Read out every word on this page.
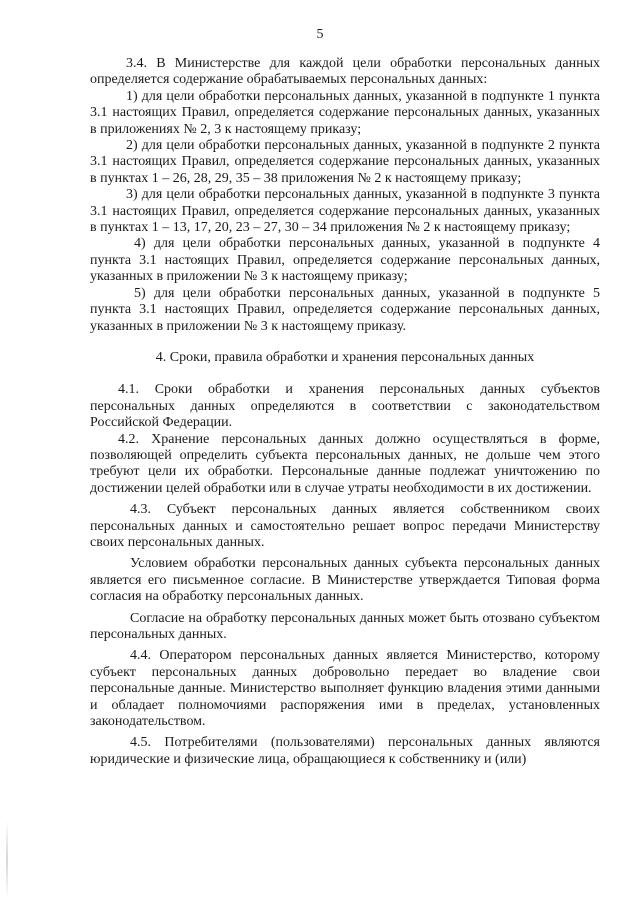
5

3.4. В Министерстве для каждой цели обработки персональных данных определяется содержание обрабатываемых персональных данных:

1) для цели обработки персональных данных, указанной в подпункте 1 пункта 3.1 настоящих Правил, определяется содержание персональных данных, указанных в приложениях № 2, 3 к настоящему приказу;

2) для цели обработки персональных данных, указанной в подпункте 2 пункта 3.1 настоящих Правил, определяется содержание персональных данных, указанных в пунктах 1 – 26, 28, 29, 35 – 38 приложения № 2 к настоящему приказу;

3) для цели обработки персональных данных, указанной в подпункте 3 пункта 3.1 настоящих Правил, определяется содержание персональных данных, указанных в пунктах 1 – 13, 17, 20, 23 – 27, 30 – 34 приложения № 2 к настоящему приказу;

4) для цели обработки персональных данных, указанной в подпункте 4 пункта 3.1 настоящих Правил, определяется содержание персональных данных, указанных в приложении № 3 к настоящему приказу;

5) для цели обработки персональных данных, указанной в подпункте 5 пункта 3.1 настоящих Правил, определяется содержание персональных данных, указанных в приложении № 3 к настоящему приказу.

4. Сроки, правила обработки и хранения персональных данных

4.1. Сроки обработки и хранения персональных данных субъектов персональных данных определяются в соответствии с законодательством Российской Федерации.

4.2. Хранение персональных данных должно осуществляться в форме, позволяющей определить субъекта персональных данных, не дольше чем этого требуют цели их обработки. Персональные данные подлежат уничтожению по достижении целей обработки или в случае утраты необходимости в их достижении.

4.3. Субъект персональных данных является собственником своих персональных данных и самостоятельно решает вопрос передачи Министерству своих персональных данных.

Условием обработки персональных данных субъекта персональных данных является его письменное согласие. В Министерстве утверждается Типовая форма согласия на обработку персональных данных.

Согласие на обработку персональных данных может быть отозвано субъектом персональных данных.

4.4. Оператором персональных данных является Министерство, которому субъект персональных данных добровольно передает во владение свои персональные данные. Министерство выполняет функцию владения этими данными и обладает полномочиями распоряжения ими в пределах, установленных законодательством.

4.5. Потребителями (пользователями) персональных данных являются юридические и физические лица, обращающиеся к собственнику и (или)
